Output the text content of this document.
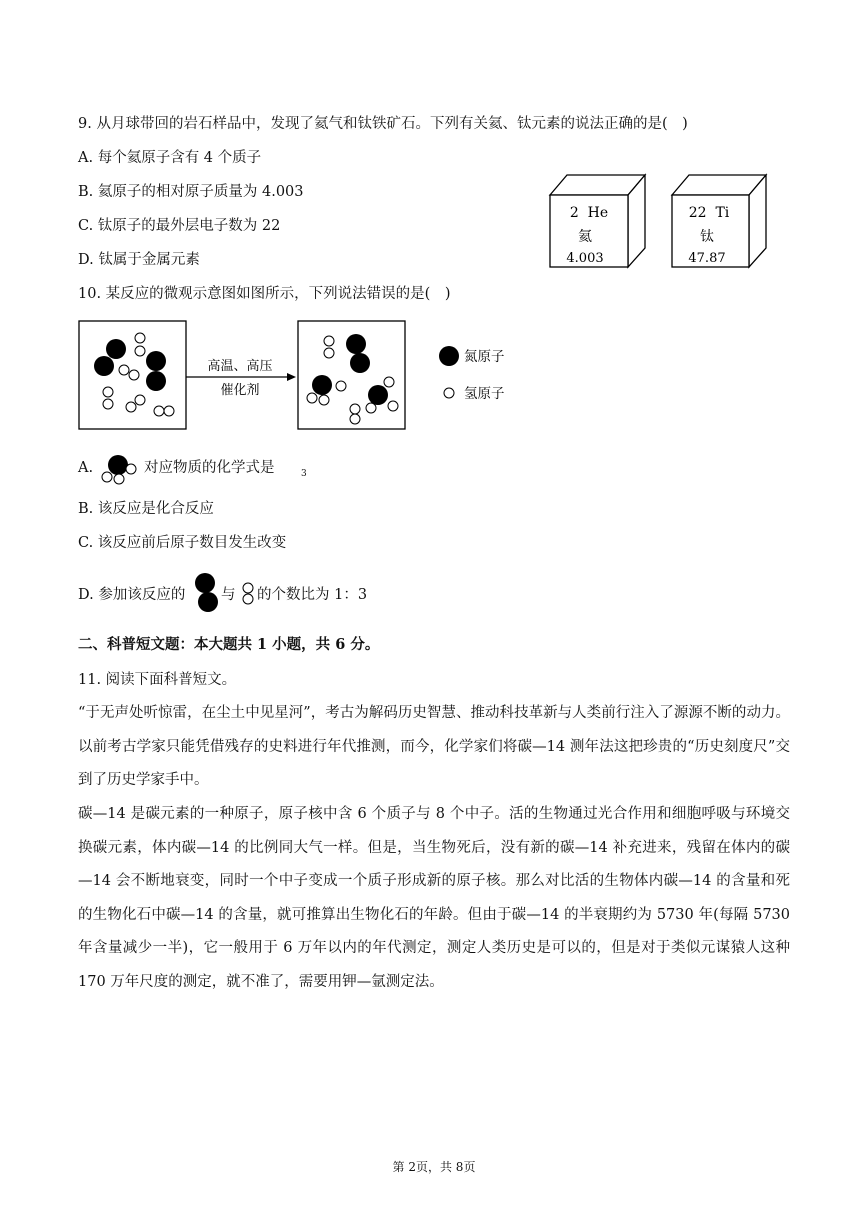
9. 从月球带回的岩石样品中，发现了氦气和钛铁矿石。下列有关氦、钛元素的说法正确的是(　)
A. 每个氦原子含有 4 个质子
B. 氦原子的相对原子质量为 4.003
C. 钛原子的最外层电子数为 22
D. 钛属于金属元素
2  He
氦
4.003
22  Ti
钛
47.87
10. 某反应的微观示意图如图所示，下列说法错误的是(　)
高温、高压
催化剂
氮原子
氢原子
A.	对应物质的化学式是	3
B. 该反应是化合反应
C. 该反应前后原子数目发生改变
D. 参加该反应的 与 的个数比为 1：3
二、科普短文题：本大题共 1 小题，共 6 分。
11. 阅读下面科普短文。
“于无声处听惊雷，在尘土中见星河”，考古为解码历史智慧、推动科技革新与人类前行注入了源源不断的动力。以前考古学家只能凭借残存的史料进行年代推测，而今，化学家们将碳—14 测年法这把珍贵的“历史刻度尺”交到了历史学家手中。
碳—14 是碳元素的一种原子，原子核中含 6 个质子与 8 个中子。活的生物通过光合作用和细胞呼吸与环境交换碳元素，体内碳—14 的比例同大气一样。但是，当生物死后，没有新的碳—14 补充进来，残留在体内的碳—14 会不断地衰变，同时一个中子变成一个质子形成新的原子核。那么对比活的生物体内碳—14 的含量和死的生物化石中碳—14 的含量，就可推算出生物化石的年龄。但由于碳—14 的半衰期约为 5730 年(每隔 5730 年含量减少一半)，它一般用于 6 万年以内的年代测定，测定人类历史是可以的，但是对于类似元谋猿人这种 170 万年尺度的测定，就不准了，需要用钾—氩测定法。
第 2页，共 8页
